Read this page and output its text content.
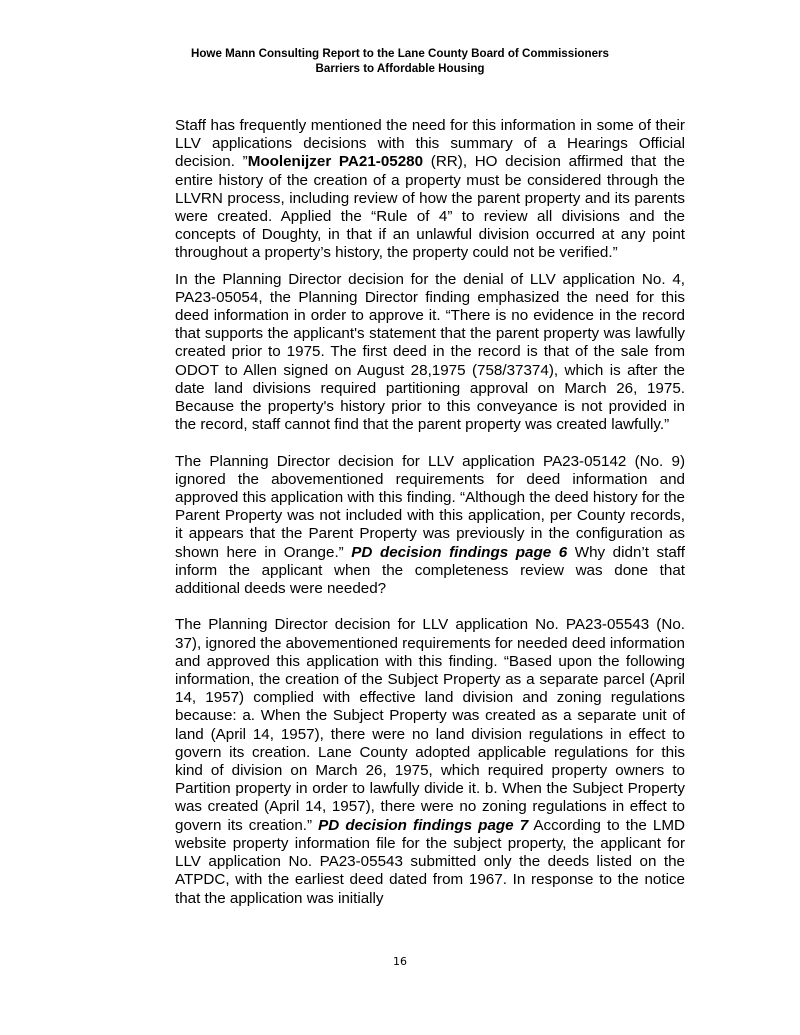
Howe Mann Consulting Report to the Lane County Board of Commissioners
Barriers to Affordable Housing

Staff has frequently mentioned the need for this information in some of their LLV applications decisions with this summary of a Hearings Official decision. ”Moolenijzer PA21-05280 (RR), HO decision affirmed that the entire history of the creation of a property must be considered through the LLVRN process, including review of how the parent property and its parents were created. Applied the “Rule of 4” to review all divisions and the concepts of Doughty, in that if an unlawful division occurred at any point throughout a property’s history, the property could not be verified.”

In the Planning Director decision for the denial of LLV application No. 4, PA23-05054, the Planning Director finding emphasized the need for this deed information in order to approve it. “There is no evidence in the record that supports the applicant's statement that the parent property was lawfully created prior to 1975. The first deed in the record is that of the sale from ODOT to Allen signed on August 28,1975 (758/37374), which is after the date land divisions required partitioning approval on March 26, 1975. Because the property's history prior to this conveyance is not provided in the record, staff cannot find that the parent property was created lawfully.”

The Planning Director decision for LLV application PA23-05142 (No. 9) ignored the abovementioned requirements for deed information and approved this application with this finding. “Although the deed history for the Parent Property was not included with this application, per County records, it appears that the Parent Property was previously in the configuration as shown here in Orange.” PD decision findings page 6 Why didn’t staff inform the applicant when the completeness review was done that additional deeds were needed?

The Planning Director decision for LLV application No. PA23-05543 (No. 37), ignored the abovementioned requirements for needed deed information and approved this application with this finding. “Based upon the following information, the creation of the Subject Property as a separate parcel (April 14, 1957) complied with effective land division and zoning regulations because: a. When the Subject Property was created as a separate unit of land (April 14, 1957), there were no land division regulations in effect to govern its creation. Lane County adopted applicable regulations for this kind of division on March 26, 1975, which required property owners to Partition property in order to lawfully divide it. b. When the Subject Property was created (April 14, 1957), there were no zoning regulations in effect to govern its creation.” PD decision findings page 7 According to the LMD website property information file for the subject property, the applicant for LLV application No. PA23-05543 submitted only the deeds listed on the ATPDC, with the earliest deed dated from 1967. In response to the notice that the application was initially

16
